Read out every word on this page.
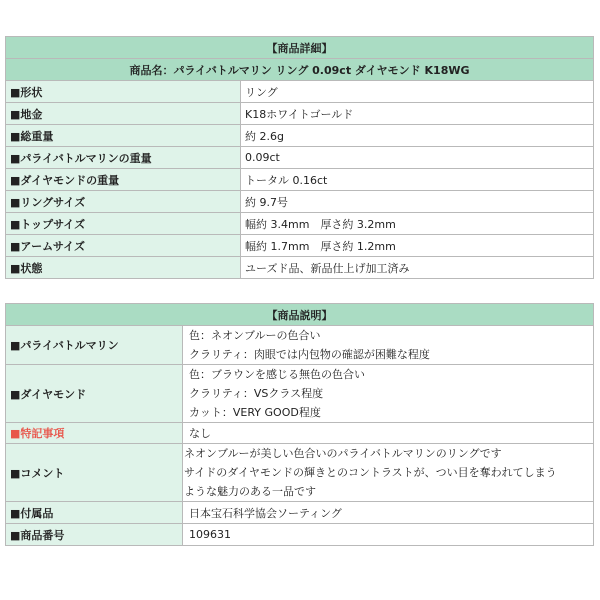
【商品詳細】	
商品名：パライバトルマリン リング 0.09ct ダイヤモンド K18WG	
■形状	リング
■地金	K18ホワイトゴールド
■総重量	約 2.6g
■パライバトルマリンの重量	0.09ct
■ダイヤモンドの重量	トータル 0.16ct
■リングサイズ	約 9.7号
■トップサイズ	幅約 3.4mm　厚さ約 3.2mm
■アームサイズ	幅約 1.7mm　厚さ約 1.2mm
■状態	ユーズド品、新品仕上げ加工済み
【商品説明】	
■パライバトルマリン	色：ネオンブルーの色合い
クラリティ：肉眼では内包物の確認が困難な程度

■ダイヤモンド	色：ブラウンを感じる無色の色合い
クラリティ：VSクラス程度
カット：VERY GOOD程度

■特記事項	なし
■コメント	ネオンブルーが美しい色合いのパライバトルマリンのリングです
サイドのダイヤモンドの輝きとのコントラストが、つい目を奪われてしまう
ような魅力のある一品です

■付属品	日本宝石科学協会ソーティング
■商品番号	109631
